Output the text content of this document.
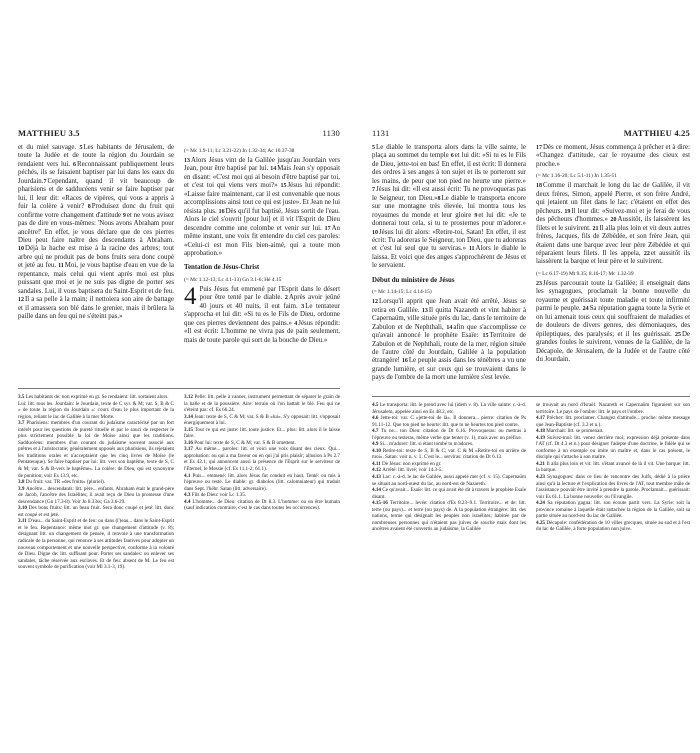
MATTHIEU 3.5	1130

et du miel sauvage. 5Les habitants de Jérusalem, de toute la Judée et de toute la région du Jourdain se rendaient vers lui. 6Reconnaissant publiquement leurs péchés, ils se faisaient baptiser par lui dans les eaux du Jourdain.7Cependant, quand il vit beaucoup de pharisiens et de sadducéens venir se faire baptiser par lui, il leur dit: «Races de vipères, qui vous a appris à fuir la colère à venir? 8Produisez donc du fruit qui confirme votre changement d'attitude 9et ne vous avisez pas de dire en vous-mêmes: 'Nous avons Abraham pour ancêtre!' En effet, je vous déclare que de ces pierres Dieu peut faire naître des descendants à Abraham. 10Déjà la hache est mise à la racine des arbres; tout arbre qui ne produit pas de bons fruits sera donc coupé et jeté au feu. 11Moi, je vous baptise d'eau en vue de la repentance, mais celui qui vient après moi est plus puissant que moi et je ne suis pas digne de porter ses sandales. Lui, il vous baptisera du Saint-Esprit et de feu. 12Il a sa pelle à la main; il nettoiera son aire de battage et il amassera son blé dans le grenier, mais il brûlera la paille dans un feu qui ne s'éteint pas.»

(= Mc 1.9-11; Lc 3.21-22) Jn 1.32-34; Ac 10.37-38

13Alors Jésus vint de la Galilée jusqu'au Jourdain vers Jean, pour être baptisé par lui. 14Mais Jean s'y opposait en disant: «C'est moi qui ai besoin d'être baptisé par toi, et c'est toi qui viens vers moi?» 15Jésus lui répondit: «Laisse faire maintenant, car il est convenable que nous accomplissions ainsi tout ce qui est juste». Et Jean ne lui résista plus. 16Dès qu'il fut baptisé, Jésus sortit de l'eau. Alors le ciel s'ouvrit [pour lui] et il vit l'Esprit de Dieu descendre comme une colombe et venir sur lui. 17Au même instant, une voix fit entendre du ciel ces paroles: «Celui-ci est mon Fils bien-aimé, qui a toute mon approbation.»

Tentation de Jésus-Christ
(= Mc 1.12-13; Lc 4.1-13) Gn 3.1-6; Hé 4.15

4 Puis Jésus fut emmené par l'Esprit dans le désert pour être tenté par le diable. 2Après avoir jeûné 40 jours et 40 nuits, il eut faim. 3Le tentateur s'approcha et lui dit: «Si tu es le Fils de Dieu, ordonne que ces pierres deviennent des pains.» 4Jésus répondit: «Il est écrit: L'homme ne vivra pas de pain seulement, mais de toute parole qui sort de la bouche de Dieu.»

3.5 Les habitants de: non exprimé en gr. Se rendaient: litt. sortaient alors.

Lui: litt. tous les. Jourdain: le Jourdain, texte de C syr. & M; var. S, B & C « de toute la région du Jourdain »: cours d'eau le plus important de la région, reliant le lac de Galilée à la mer Morte.

3.7 Pharisiens: membres d'un courant du judaïsme caractérisé par un fort intérêt pour les questions de pureté rituelle et par le souci de respecter le plus strictement possible la loi de Moïse ainsi que les traditions. Sadducéens: membres d'un courant du judaïsme souvent associé aux prêtres et à l'aristocratie; généralement opposés aux pharisiens, ils rejetaient les traditions orales et n'acceptaient que les cinq livres de Moïse (le Pentateuque). Se faire baptiser par lui: litt. vers son baptême, texte de S, C & M; var. S & B-vers le baptême». La colère: de Dieu, qui est synonyme de punition; voir Es 13.9, etc.

3.8 Du fruit: var. TR «des fruits» (pluriel).

3.9 Ancêtre... descendants: litt. père... enfants. Abraham était le grand-père de Jacob, l'ancêtre des Israélites; il avait reçu de Dieu la promesse d'une descendance (Gn 17.3-8). Voir Jn 8.33ss; Ga 3.6-29.

3.10 Des bons fruits: litt. un beau fruit. Sera donc coupé et jeté: litt. donc est coupé et est jeté.

3.11 D'eau... du Saint-Esprit et de feu: ou dans (l')eau... dans le Saint-Esprit et le feu. Repentance: même mot gr. que changement d'attitude (v. 8); désignant litt. un changement de pensée, il renvoie à une transformation radicale de la personne, qui renonce à ses attitudes fautives pour adopter un nouveau comportement et une nouvelle perspective, conforme à la volonté de Dieu. Digne de: litt. suffisant pour. Porter ses sandales: ou enlever ses sandales, tâche réservée aux esclaves. Et de feu: absent de M. Le feu est souvent symbole de purification (voir Ml 3.1-3, 19).

3.12 Pelle: litt. pelle à vanner, instrument permettant de séparer le grain de la balle et de la poussière. Aire: terrain où l'on battait le blé. Feu qui ne s'éteint pas: cf. Es 66.24.

3.14 Jean: texte de S, C & M; var. S & B «lui». S'y opposait: litt. s'opposait énergiquement à lui.

3.15 Tout ce qui est juste: litt. toute justice. Et... plus: litt. alors il le laisse faire.

3.16 Pour lui: texte de S, C & M; var. S & B omettent.

3.17 Au même... paroles: litt. et voici une voix disant des cieux. Qui... approbation: ou qui a ma faveur ou en qui j'ai pris plaisir; allusion à Ps 2.7 et Es 42.1, qui annoncent aussi la présence de l'Esprit sur le serviteur de l'Eternel, le Messie (cf. Es 11.1-2; 61.1).

4.1 Puis... emmené: litt. alors Jésus fut conduit en haut. Tenté: ou mis à l'épreuve ou testé. Le diable: gr. diabolos (litt. calomniateur) qui traduit dans Sept. l'hébr. Satan (litt. adversaire).

4.3 Fils de Dieu: voir Lc 1.35.

4.4 L'homme... de Dieu: citation de Dt 8.3. L'homme: ou un être humain (sauf indication contraire, c'est le cas dans toutes les occurrences).

1131	MATTHIEU 4.25

5Le diable le transporta alors dans la ville sainte, le plaça au sommet du temple 6et lui dit: «Si tu es le Fils de Dieu, jette-toi en bas! En effet, il est écrit: Il donnera des ordres à ses anges à ton sujet et ils te porteront sur les mains, de peur que ton pied ne heurte une pierre.» 7Jésus lui dit: «Il est aussi écrit: Tu ne provoqueras pas le Seigneur, ton Dieu.»8Le diable le transporta encore sur une montagne très élevée, lui montra tous les royaumes du monde et leur gloire 9et lui dit: «Je te donnerai tout cela, si tu te prosternes pour m'adorer.» 10Jésus lui dit alors: «Retire-toi, Satan! En effet, il est écrit: Tu adoreras le Seigneur, ton Dieu, que tu adoreras et c'est lui seul que tu serviras.» 11Alors le diable le laissa. Et voici que des anges s'approchèrent de Jésus et le servaient.

Début du ministère de Jésus
(= Mc 1.14-15; Lc 4.14-15)

12Lorsqu'il apprit que Jean avait été arrêté, Jésus se retira en Galilée. 13Il quitta Nazareth et vint habiter à Capernaüm, ville située près du lac, dans le territoire de Zabulon et de Nephthali, 14afin que s'accomplisse ce qu'avait annoncé le prophète Esaïe: 15Territoire de Zabulon et de Nephthali, route de la mer, région située de l'autre côté du Jourdain, Galilée à la population étrangère! 16Le peuple assis dans les ténèbres a vu une grande lumière, et sur ceux qui se trouvaient dans le pays de l'ombre de la mort une lumière s'est levée.

17Dès ce moment, Jésus commença à prêcher et à dire: «Changez d'attitude, car le royaume des cieux est proche.»

(= Mc 1.16-20; Lc 5.1-11) Jn 1.35-51

18Comme il marchait le long du lac de Galilée, il vit deux frères, Simon, appelé Pierre, et son frère André, qui jetaient un filet dans le lac; c'étaient en effet des pêcheurs. 19Il leur dit: «Suivez-moi et je ferai de vous des pêcheurs d'hommes.» 20Aussitôt, ils laissèrent les filets et le suivirent. 21Il alla plus loin et vit deux autres frères, Jacques, fils de Zébédée, et son frère Jean, qui étaient dans une barque avec leur père Zébédée et qui réparaient leurs filets. Il les appela, 22et aussitôt ils laissèrent la barque et leur père et le suivirent.

(= Lc 6.17-19) Mt 9.35; 8.16-17; Mc 1.32-39

23Jésus parcourait toute la Galilée; il enseignait dans les synagogues, proclamait la bonne nouvelle du royaume et guérissait toute maladie et toute infirmité parmi le peuple. 24Sa réputation gagna toute la Syrie et on lui amenait tous ceux qui souffraient de maladies et de douleurs de divers genres, des démoniaques, des épileptiques, des paralysés; et il les guérissait. 25De grandes foules le suivirent, venues de la Galilée, de la Décapole, de Jérusalem, de la Judée et de l'autre côté du Jourdain.

4.5 Le transporta: litt. le prend avec lui (idem v. 8). La ville sainte: c.-à-d. Jérusalem, appelée ainsi en Es 48.2, etc.

4.6 Jette-toi: var. C «jette-toi de là». Il donnera... pierre: citation de Ps 91.11-12. Que ton pied ne heurte: litt. que tu ne heurtes ton pied contre.

4.7 Tu ne... ton Dieu: citation de Dt 6.16. Provoqueras: ou mettras à l'épreuve ou testeras, même verbe que tenter (v. 1), mais avec un préfixe.

4.9 Si... m'adorer: litt. si étant tombé tu m'adores.

4.10 Retire-toi: texte de S, B & C; var. C & M «Retire-toi en arrière de moi». Satan: voir n. v. 1. C'est le... serviras: citation de Dt 6.13.

4.11 De Jésus: non exprimé en gr.

4.12 Arrêté: litt. livré; voir 14.3-5.

4.13 Lac: c.-à-d. le lac de Galilée, aussi appelé mer (cf. v. 15). Capernaüm se situait au nord-ouest du lac, au nord-est de Nazareth.

4.14 Ce qu'avait... Esaïe: litt. ce qui avait été dit à travers le prophète Esaïe disant.

4.15-16 Territoire... levée: citation d'Es 8.23–9.1. Territoire... et de: litt. terre (ou pays)... et terre (ou pays) de. A la population étrangère: litt. des nations, terme qui désignait les peuples non israélites; habitée par de nombreuses personnes qui n'étaient pas juives de souche mais dont les ancêtres avaient été convertis au judaïsme, la Galilée

se trouvait au nord d'Israël. Nazareth et Capernaüm figuraient sur son territoire. Le pays de l'ombre: litt. le pays et l'ombre.

4.17 Prêcher: litt. proclamer. Changez d'attitude... proche: même message que Jean-Baptiste (cf. 3.2 et n.).

4.18 Marchait: litt. se promenait.

4.19 Suivez-moi: litt. venez derrière moi; expression déjà présente dans l'AT (cf. Dt 4.3 et n.) pour désigner l'adepte d'une doctrine, le fidèle qui se conforme à un exemple ou imite un maître et, dans le cas présent, le disciple qui s'attache à son maître.

4.21 Il alla plus loin et vit: litt. s'étant avancé de là il vit. Une barque: litt. la barque.

4.23 Synagogues: dans ce lieu de rencontre des Juifs, dédié à la prière ainsi qu'à la lecture et l'explication des livres de l'AT, tout membre mâle de l'assistance pouvait être invité à prendre la parole. Proclamait... guérissait: voir Es 61.1. La bonne nouvelle: ou l'Evangile.

4.24 Sa réputation gagna: litt. son écoute partit vers. La Syrie: soit la province romaine à laquelle était rattachée la région de la Galilée, soit sa partie située au nord-est du lac de Galilée.

4.25 Décapole: confédération de 10 villes grecques, située au sud et à l'est du lac de Galilée, à forte population non juive.
